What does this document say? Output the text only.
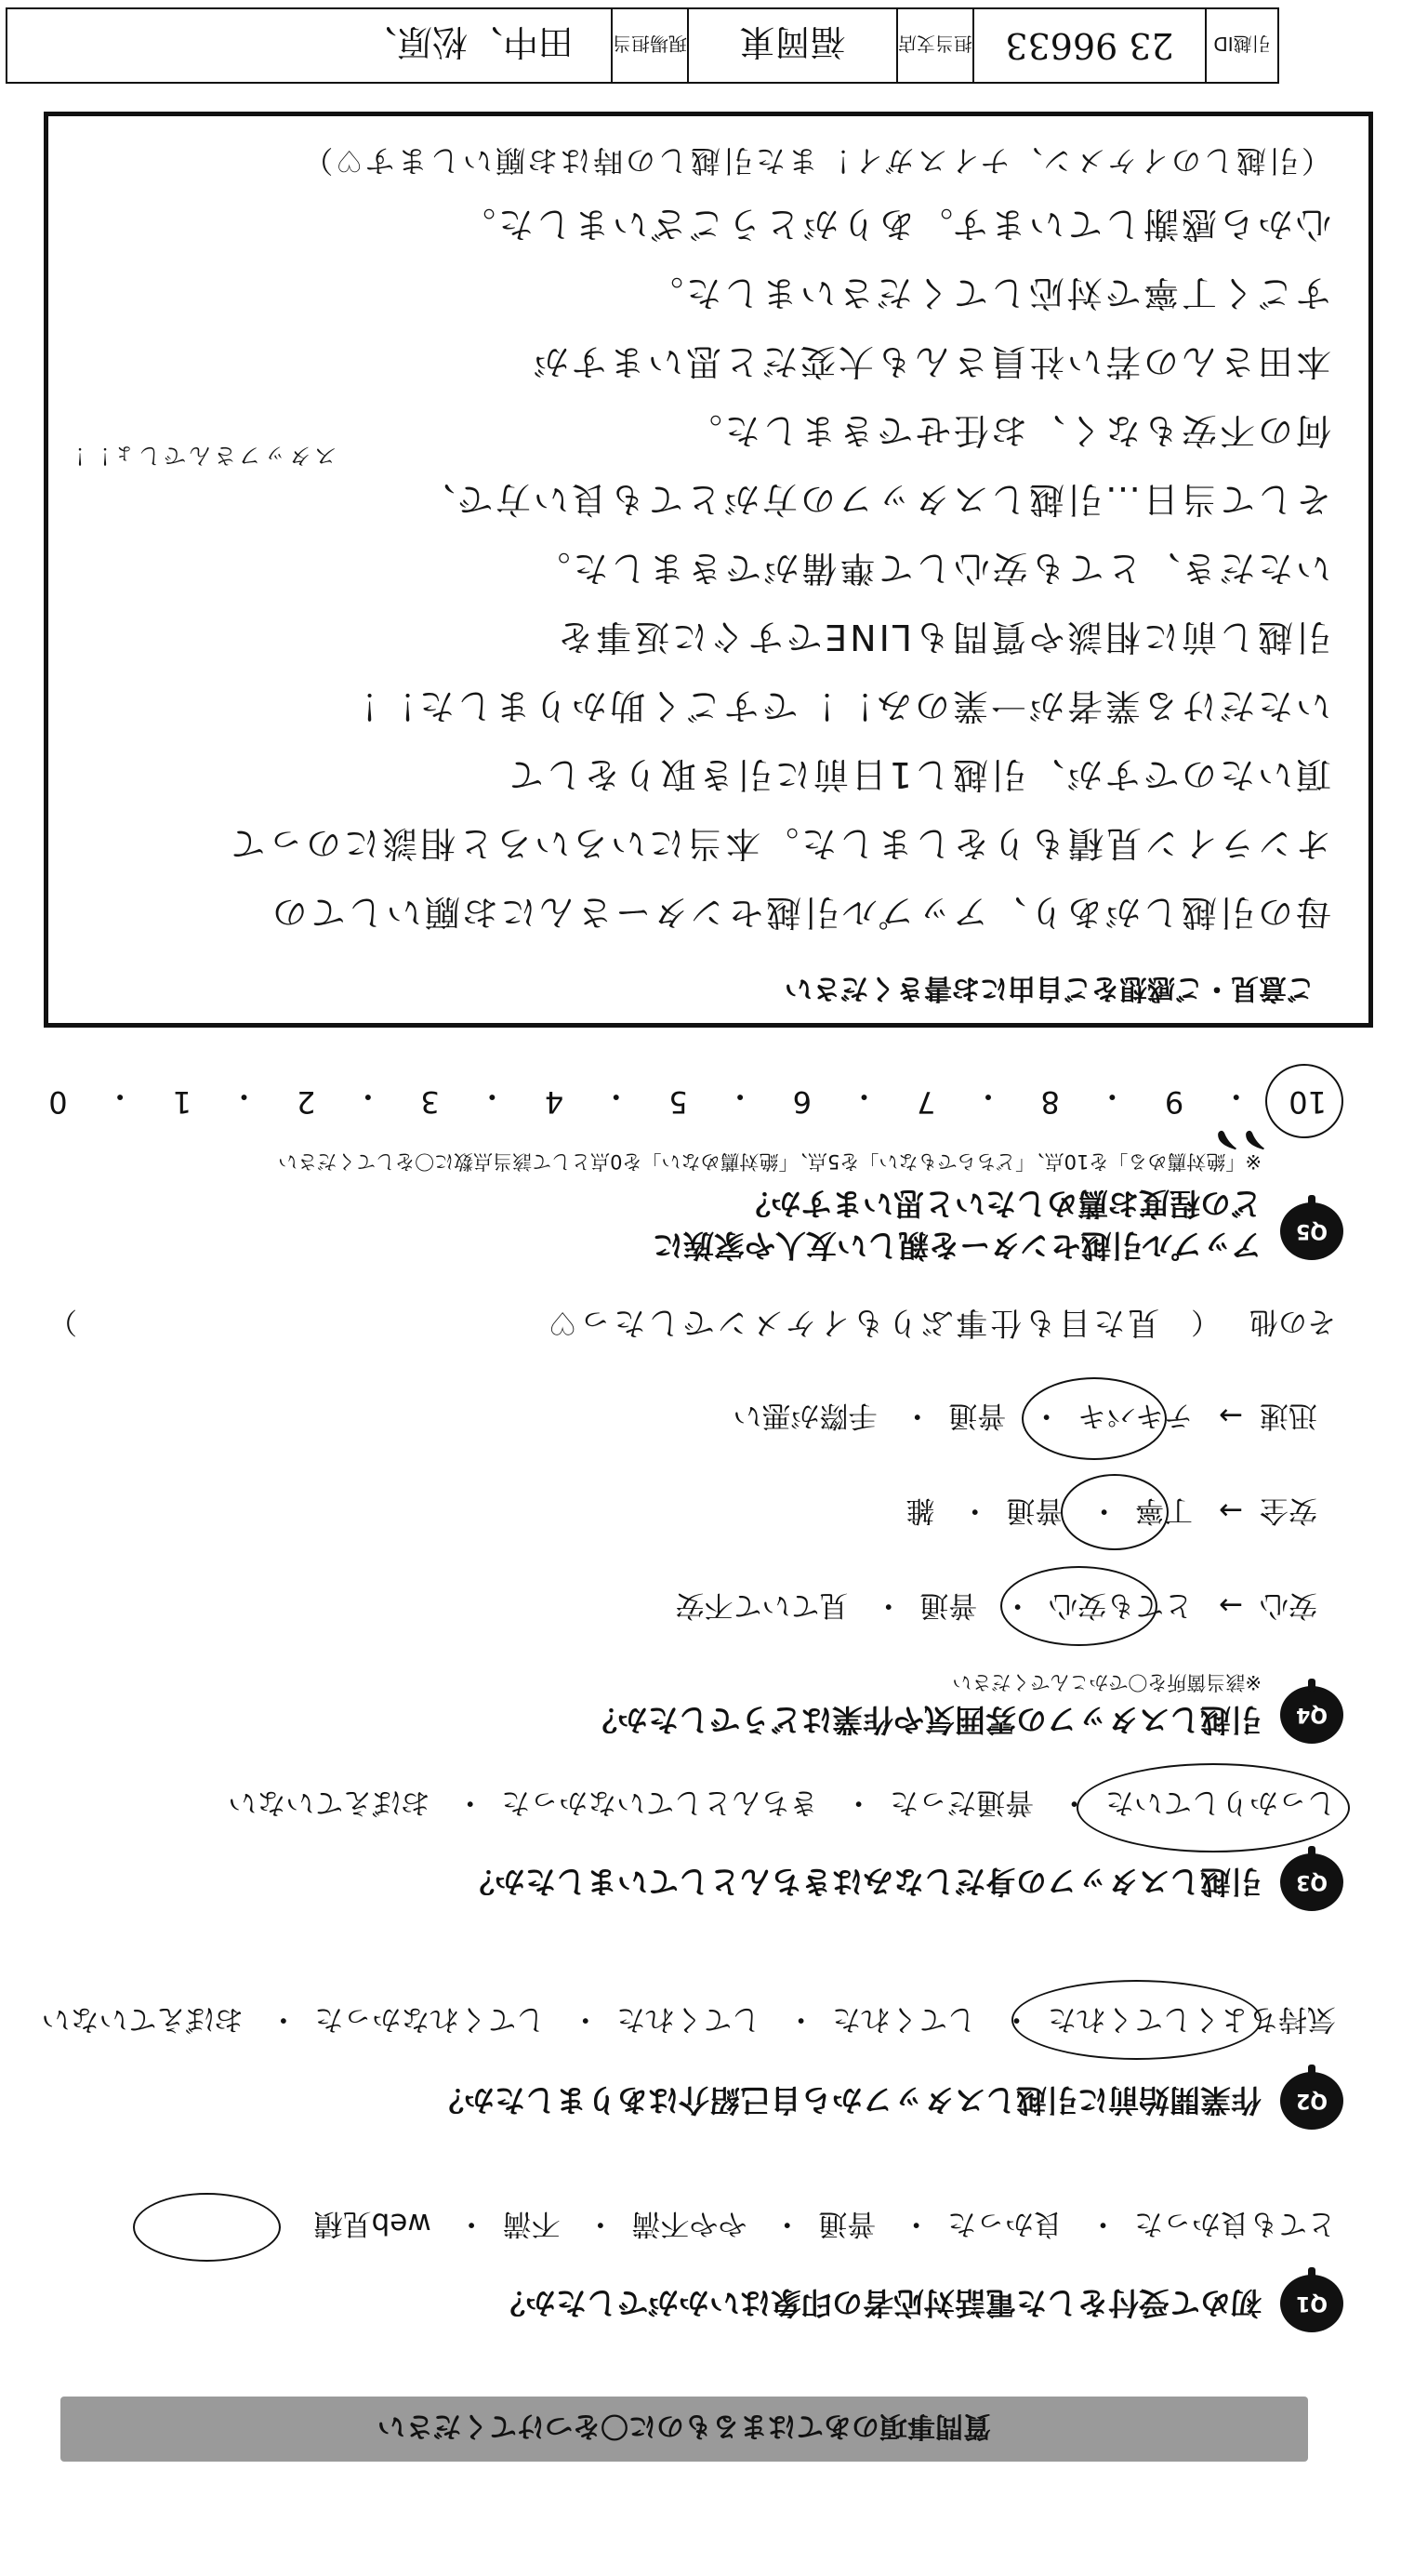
質問事項のあてはまるものに〇をつけてください
Q1
初めて受付をした電話対応者の印象はいかがでしたか？
とても良かった・ 良かった・ 普通・ やや不満・ 不満・ web見積
Q2
作業開始前に引越しスタッフから自己紹介はありましたか？
気持ちよくしてくれた・ してくれた・ してくれた・ してくれなかった・ おぼえていない
Q3
引越しスタッフの身だしなみはきちんとしていましたか？
しっかりしていた・ 普通だった・ きちんとしていなかった・ おぼえていない
Q4
引越しスタッフの雰囲気や作業はどうでしたか？
※該当箇所を〇でかこんでください
安心→ とても安心・ 普通・ 見ていて不安
安全→ 丁寧・ 普通・ 雑
迅速→ テキパキ・ 普通・ 手際が悪い
その他 （ 見た目も仕事ぶりもイケメンでしたっ♡ ）
Q5
アップル引越センターを親しい友人や家族に
どの程度お薦めしたいと思いますか？
※「絶対薦める」を10点、「どちらでもない」を5点、「絶対薦めない」を0点として該当点数に〇をしてください
10
・
9
・
8
・
7
・
6
・
5
・
4
・
3
・
2
・
1
・
0
﹅﹅
ご意見・ご感想をご自由にお書きください
母の引越しがあり、アップル引越センターさんにお願いしての
オンライン見積もりをしました。本当にいろいろと相談にのって
頂いたのですが、引越し1日前に引き取りをして
いただける業者が一業のみ！！ですごく助かりました！！
引越し前に相談や質問もLINEですぐに返事を
いただき、とても安心して準備ができました。
そして当日…引越しスタッフの方がとても良い方で、
何の不安もなく、お任せできました。
本田さんの若い社員さんも大変だと思いますが
すごく丁寧で対応してくださいました。
心から感謝しています。ありがとうございました。
（引越しのイケメン、ナイスガイ！また引越しの時はお願いします♡）
スタッフさんでしょ！！
引越ID
23 96633
担当支店
福岡東
現場担当
田中、松原、
